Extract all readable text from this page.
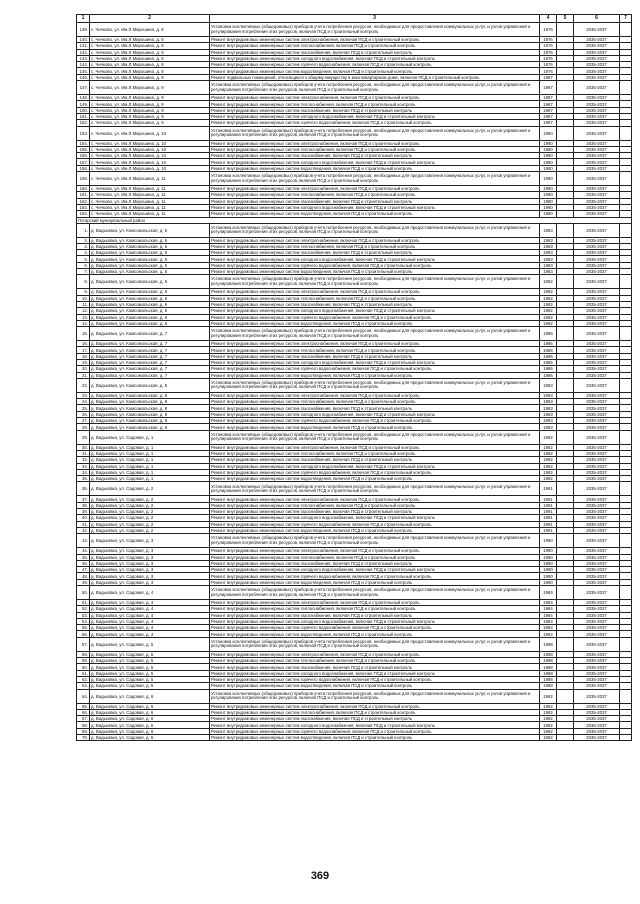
1	2	3	4	5	6	7
139.	с. Чичково, ул. Им.Л.Мирошина, д. 8	Установка коллективных (общедомовых) приборов учета потребления ресурсов, необходимых для предоставления коммунальных услуг, и узлов управления и регулирования потребления этих ресурсов, включая ПСД и строительный контроль	1976		2035-2037	
140.	с. Чичково, ул. Им.Л.Мирошина, д. 8	Ремонт внутридомовых инженерных систем электроснабжения, включая ПСД и строительный контроль	1976		2035-2037	
141.	с. Чичково, ул. Им.Л.Мирошина, д. 8	Ремонт внутридомовых инженерных систем теплоснабжения, включая ПСД и строительный контроль	1976		2035-2037	
142.	с. Чичково, ул. Им.Л.Мирошина, д. 8	Ремонт внутридомовых инженерных систем газоснабжения, включая ПСД и строительный контроль	1976		2035-2037	
143.	с. Чичково, ул. Им.Л.Мирошина, д. 8	Ремонт внутридомовых инженерных систем холодного водоснабжения, включая ПСД и строительный контроль	1976		2035-2037	
144.	с. Чичково, ул. Им.Л.Мирошина, д. 8	Ремонт внутридомовых инженерных систем горячего водоснабжения, включая ПСД и строительный контроль	1976		2035-2037	
145.	с. Чичково, ул. Им.Л.Мирошина, д. 8	Ремонт внутридомовых инженерных систем водоотведения, включая ПСД и строительный контроль	1976		2035-2037	
146.	с. Чичково, ул. Им.Л.Мирошина, д. 9	Ремонт подвальных помещений, относящихся к общему имуществу в многоквартирном доме, включая ПСД и строительный контроль	1987		2035-2037	
147.	с. Чичково, ул. Им.Л.Мирошина, д. 9	Установка коллективных (общедомовых) приборов учета потребления ресурсов, необходимых для предоставления коммунальных услуг, и узлов управления и регулирования потребления этих ресурсов, включая ПСД и строительный контроль	1987		2035-2037	
148.	с. Чичково, ул. Им.Л.Мирошина, д. 9	Ремонт внутридомовых инженерных систем электроснабжения, включая ПСД и строительный контроль	1987		2035-2037	
149.	с. Чичково, ул. Им.Л.Мирошина, д. 9	Ремонт внутридомовых инженерных систем теплоснабжения, включая ПСД и строительный контроль	1987		2035-2037	
150.	с. Чичково, ул. Им.Л.Мирошина, д. 9	Ремонт внутридомовых инженерных систем газоснабжения, включая ПСД и строительный контроль	1987		2035-2037	
151.	с. Чичково, ул. Им.Л.Мирошина, д. 9	Ремонт внутридомовых инженерных систем холодного водоснабжения, включая ПСД и строительный контроль	1987		2035-2037	
152.	с. Чичково, ул. Им.Л.Мирошина, д. 9	Ремонт внутридомовых инженерных систем горячего водоснабжения, включая ПСД и строительный контроль	1987		2035-2037	
153.	с. Чичково, ул. Им.Л.Мирошина, д. 10	Установка коллективных (общедомовых) приборов учета потребления ресурсов, необходимых для предоставления коммунальных услуг, и узлов управления и регулирования потребления этих ресурсов, включая ПСД и строительный контроль	1980		2035-2037	
154.	с. Чичково, ул. Им.Л.Мирошина, д. 10	Ремонт внутридомовых инженерных систем электроснабжения, включая ПСД и строительный контроль	1980		2035-2037	
155.	с. Чичково, ул. Им.Л.Мирошина, д. 10	Ремонт внутридомовых инженерных систем теплоснабжения, включая ПСД и строительный контроль	1980		2035-2037	
156.	с. Чичково, ул. Им.Л.Мирошина, д. 10	Ремонт внутридомовых инженерных систем газоснабжения, включая ПСД и строительный контроль	1980		2035-2037	
157.	с. Чичково, ул. Им.Л.Мирошина, д. 10	Ремонт внутридомовых инженерных систем холодного водоснабжения, включая ПСД и строительный контроль	1980		2035-2037	
158.	с. Чичково, ул. Им.Л.Мирошина, д. 10	Ремонт внутридомовых инженерных систем водоотведения, включая ПСД и строительный контроль	1980		2035-2037	
159.	с. Чичково, ул. Им.Л.Мирошина, д. 11	Установка коллективных (общедомовых) приборов учета потребления ресурсов, необходимых для предоставления коммунальных услуг, и узлов управления и регулирования потребления этих ресурсов, включая ПСД и строительный контроль	1980		2035-2037	
160.	с. Чичково, ул. Им.Л.Мирошина, д. 11	Ремонт внутридомовых инженерных систем электроснабжения, включая ПСД и строительный контроль	1980		2035-2037	
161.	с. Чичково, ул. Им.Л.Мирошина, д. 11	Ремонт внутридомовых инженерных систем теплоснабжения, включая ПСД и строительный контроль	1980		2035-2037	
162.	с. Чичково, ул. Им.Л.Мирошина, д. 11	Ремонт внутридомовых инженерных систем газоснабжения, включая ПСД и строительный контроль	1980		2035-2037	
163.	с. Чичково, ул. Им.Л.Мирошина, д. 11	Ремонт внутридомовых инженерных систем холодного водоснабжения, включая ПСД и строительный контроль	1980		2035-2037	
164.	с. Чичково, ул. Им.Л.Мирошина, д. 11	Ремонт внутридомовых инженерных систем водоотведения, включая ПСД и строительный контроль	1980		2035-2037	
Погарский муниципальный район						
1.	д. Вадьковка, ул. Комсомольская, д. 5	Установка коллективных (общедомовых) приборов учета потребления ресурсов, необходимых для предоставления коммунальных услуг, и узлов управления и регулирования потребления этих ресурсов, включая ПСД и строительный контроль	1983		2035-2037	
2.	д. Вадьковка, ул. Комсомольская, д. 5	Ремонт внутридомовых инженерных систем электроснабжения, включая ПСД и строительный контроль	1983		2035-2037	
3.	д. Вадьковка, ул. Комсомольская, д. 5	Ремонт внутридомовых инженерных систем теплоснабжения, включая ПСД и строительный контроль	1983		2035-2037	
4.	д. Вадьковка, ул. Комсомольская, д. 5	Ремонт внутридомовых инженерных систем газоснабжения, включая ПСД и строительный контроль	1983		2035-2037	
5.	д. Вадьковка, ул. Комсомольская, д. 5	Ремонт внутридомовых инженерных систем холодного водоснабжения, включая ПСД и строительный контроль	1983		2035-2037	
6.	д. Вадьковка, ул. Комсомольская, д. 5	Ремонт внутридомовых инженерных систем горячего водоснабжения, включая ПСД и строительный контроль	1983		2035-2037	
7.	д. Вадьковка, ул. Комсомольская, д. 5	Ремонт внутридомовых инженерных систем водоотведения, включая ПСД и строительный контроль	1983		2035-2037	
8.	д. Вадьковка, ул. Комсомольская, д. 6	Установка коллективных (общедомовых) приборов учета потребления ресурсов, необходимых для предоставления коммунальных услуг, и узлов управления и регулирования потребления этих ресурсов, включая ПСД и строительный контроль	1982		2035-2037	
9.	д. Вадьковка, ул. Комсомольская, д. 6	Ремонт внутридомовых инженерных систем электроснабжения, включая ПСД и строительный контроль	1982		2035-2037	
10.	д. Вадьковка, ул. Комсомольская, д. 6	Ремонт внутридомовых инженерных систем теплоснабжения, включая ПСД и строительный контроль	1982		2035-2037	
11.	д. Вадьковка, ул. Комсомольская, д. 6	Ремонт внутридомовых инженерных систем газоснабжения, включая ПСД и строительный контроль	1982		2035-2037	
12.	д. Вадьковка, ул. Комсомольская, д. 6	Ремонт внутридомовых инженерных систем холодного водоснабжения, включая ПСД и строительный контроль	1982		2035-2037	
13.	д. Вадьковка, ул. Комсомольская, д. 6	Ремонт внутридомовых инженерных систем горячего водоснабжения, включая ПСД и строительный контроль	1982		2035-2037	
14.	д. Вадьковка, ул. Комсомольская, д. 6	Ремонт внутридомовых инженерных систем водоотведения, включая ПСД и строительный контроль	1982		2035-2037	
15.	д. Вадьковка, ул. Комсомольская, д. 7	Установка коллективных (общедомовых) приборов учета потребления ресурсов, необходимых для предоставления коммунальных услуг, и узлов управления и регулирования потребления этих ресурсов, включая ПСД и строительный контроль	1986		2035-2037	
16.	д. Вадьковка, ул. Комсомольская, д. 7	Ремонт внутридомовых инженерных систем электроснабжения, включая ПСД и строительный контроль	1986		2035-2037	
17.	д. Вадьковка, ул. Комсомольская, д. 7	Ремонт внутридомовых инженерных систем теплоснабжения, включая ПСД и строительный контроль	1986		2035-2037	
18.	д. Вадьковка, ул. Комсомольская, д. 7	Ремонт внутридомовых инженерных систем газоснабжения, включая ПСД и строительный контроль	1986		2035-2037	
19.	д. Вадьковка, ул. Комсомольская, д. 7	Ремонт внутридомовых инженерных систем холодного водоснабжения, включая ПСД и строительный контроль	1986		2035-2037	
20.	д. Вадьковка, ул. Комсомольская, д. 7	Ремонт внутридомовых инженерных систем горячего водоснабжения, включая ПСД и строительный контроль	1986		2035-2037	
21.	д. Вадьковка, ул. Комсомольская, д. 7	Ремонт внутридомовых инженерных систем водоотведения, включая ПСД и строительный контроль	1986		2035-2037	
22.	д. Вадьковка, ул. Комсомольская, д. 8	Установка коллективных (общедомовых) приборов учета потребления ресурсов, необходимых для предоставления коммунальных услуг, и узлов управления и регулирования потребления этих ресурсов, включая ПСД и строительный контроль	1983		2035-2037	
23.	д. Вадьковка, ул. Комсомольская, д. 8	Ремонт внутридомовых инженерных систем электроснабжения, включая ПСД и строительный контроль	1983		2035-2037	
24.	д. Вадьковка, ул. Комсомольская, д. 8	Ремонт внутридомовых инженерных систем теплоснабжения, включая ПСД и строительный контроль	1983		2035-2037	
25.	д. Вадьковка, ул. Комсомольская, д. 8	Ремонт внутридомовых инженерных систем газоснабжения, включая ПСД и строительный контроль	1983		2035-2037	
26.	д. Вадьковка, ул. Комсомольская, д. 8	Ремонт внутридомовых инженерных систем холодного водоснабжения, включая ПСД и строительный контроль	1983		2035-2037	
27.	д. Вадьковка, ул. Комсомольская, д. 8	Ремонт внутридомовых инженерных систем горячего водоснабжения, включая ПСД и строительный контроль	1983		2035-2037	
28.	д. Вадьковка, ул. Комсомольская, д. 8	Ремонт внутридомовых инженерных систем водоотведения, включая ПСД и строительный контроль	1983		2035-2037	
29.	д. Вадьковка, ул. Садовая, д. 1	Установка коллективных (общедомовых) приборов учета потребления ресурсов, необходимых для предоставления коммунальных услуг, и узлов управления и регулирования потребления этих ресурсов, включая ПСД и строительный контроль	1982		2035-2037	
30.	д. Вадьковка, ул. Садовая, д. 1	Ремонт внутридомовых инженерных систем электроснабжения, включая ПСД и строительный контроль	1982		2035-2037	
31.	д. Вадьковка, ул. Садовая, д. 1	Ремонт внутридомовых инженерных систем теплоснабжения, включая ПСД и строительный контроль	1982		2035-2037	
32.	д. Вадьковка, ул. Садовая, д. 1	Ремонт внутридомовых инженерных систем газоснабжения, включая ПСД и строительный контроль	1982		2035-2037	
33.	д. Вадьковка, ул. Садовая, д. 1	Ремонт внутридомовых инженерных систем холодного водоснабжения, включая ПСД и строительный контроль	1982		2035-2037	
34.	д. Вадьковка, ул. Садовая, д. 1	Ремонт внутридомовых инженерных систем горячего водоснабжения, включая ПСД и строительный контроль	1982		2035-2037	
35.	д. Вадьковка, ул. Садовая, д. 1	Ремонт внутридомовых инженерных систем водоотведения, включая ПСД и строительный контроль	1982		2035-2037	
36.	д. Вадьковка, ул. Садовая, д. 2	Установка коллективных (общедомовых) приборов учета потребления ресурсов, необходимых для предоставления коммунальных услуг, и узлов управления и регулирования потребления этих ресурсов, включая ПСД и строительный контроль	1991		2035-2037	
37.	д. Вадьковка, ул. Садовая, д. 2	Ремонт внутридомовых инженерных систем электроснабжения, включая ПСД и строительный контроль	1991		2035-2037	
38.	д. Вадьковка, ул. Садовая, д. 2	Ремонт внутридомовых инженерных систем теплоснабжения, включая ПСД и строительный контроль	1991		2035-2037	
39.	д. Вадьковка, ул. Садовая, д. 2	Ремонт внутридомовых инженерных систем газоснабжения, включая ПСД и строительный контроль	1991		2035-2037	
40.	д. Вадьковка, ул. Садовая, д. 2	Ремонт внутридомовых инженерных систем холодного водоснабжения, включая ПСД и строительный контроль	1991		2035-2037	
41.	д. Вадьковка, ул. Садовая, д. 2	Ремонт внутридомовых инженерных систем горячего водоснабжения, включая ПСД и строительный контроль	1991		2035-2037	
42.	д. Вадьковка, ул. Садовая, д. 2	Ремонт внутридомовых инженерных систем водоотведения, включая ПСД и строительный контроль	1991		2035-2037	
43.	д. Вадьковка, ул. Садовая, д. 3	Установка коллективных (общедомовых) приборов учета потребления ресурсов, необходимых для предоставления коммунальных услуг, и узлов управления и регулирования потребления этих ресурсов, включая ПСД и строительный контроль	1990		2035-2037	
44.	д. Вадьковка, ул. Садовая, д. 3	Ремонт внутридомовых инженерных систем электроснабжения, включая ПСД и строительный контроль	1990		2035-2037	
45.	д. Вадьковка, ул. Садовая, д. 3	Ремонт внутридомовых инженерных систем теплоснабжения, включая ПСД и строительный контроль	1990		2035-2037	
46.	д. Вадьковка, ул. Садовая, д. 3	Ремонт внутридомовых инженерных систем газоснабжения, включая ПСД и строительный контроль	1990		2035-2037	
47.	д. Вадьковка, ул. Садовая, д. 3	Ремонт внутридомовых инженерных систем холодного водоснабжения, включая ПСД и строительный контроль	1990		2035-2037	
48.	д. Вадьковка, ул. Садовая, д. 3	Ремонт внутридомовых инженерных систем горячего водоснабжения, включая ПСД и строительный контроль	1990		2035-2037	
49.	д. Вадьковка, ул. Садовая, д. 3	Ремонт внутридомовых инженерных систем водоотведения, включая ПСД и строительный контроль	1990		2035-2037	
50.	д. Вадьковка, ул. Садовая, д. 4	Установка коллективных (общедомовых) приборов учета потребления ресурсов, необходимых для предоставления коммунальных услуг, и узлов управления и регулирования потребления этих ресурсов, включая ПСД и строительный контроль	1984		2035-2037	
51.	д. Вадьковка, ул. Садовая, д. 4	Ремонт внутридомовых инженерных систем электроснабжения, включая ПСД и строительный контроль	1984		2035-2037	
52.	д. Вадьковка, ул. Садовая, д. 4	Ремонт внутридомовых инженерных систем теплоснабжения, включая ПСД и строительный контроль	1984		2035-2037	
53.	д. Вадьковка, ул. Садовая, д. 4	Ремонт внутридомовых инженерных систем газоснабжения, включая ПСД и строительный контроль	1984		2035-2037	
54.	д. Вадьковка, ул. Садовая, д. 4	Ремонт внутридомовых инженерных систем холодного водоснабжения, включая ПСД и строительный контроль	1984		2035-2037	
55.	д. Вадьковка, ул. Садовая, д. 4	Ремонт внутридомовых инженерных систем горячего водоснабжения, включая ПСД и строительный контроль	1984		2035-2037	
56.	д. Вадьковка, ул. Садовая, д. 4	Ремонт внутридомовых инженерных систем водоотведения, включая ПСД и строительный контроль	1984		2035-2037	
57.	д. Вадьковка, ул. Садовая, д. 5	Установка коллективных (общедомовых) приборов учета потребления ресурсов, необходимых для предоставления коммунальных услуг, и узлов управления и регулирования потребления этих ресурсов, включая ПСД и строительный контроль	1988		2035-2037	
58.	д. Вадьковка, ул. Садовая, д. 5	Ремонт внутридомовых инженерных систем электроснабжения, включая ПСД и строительный контроль	1988		2035-2037	
59.	д. Вадьковка, ул. Садовая, д. 5	Ремонт внутридомовых инженерных систем теплоснабжения, включая ПСД и строительный контроль	1988		2035-2037	
60.	д. Вадьковка, ул. Садовая, д. 5	Ремонт внутридомовых инженерных систем газоснабжения, включая ПСД и строительный контроль	1988		2035-2037	
61.	д. Вадьковка, ул. Садовая, д. 5	Ремонт внутридомовых инженерных систем холодного водоснабжения, включая ПСД и строительный контроль	1988		2035-2037	
62.	д. Вадьковка, ул. Садовая, д. 5	Ремонт внутридомовых инженерных систем горячего водоснабжения, включая ПСД и строительный контроль	1988		2035-2037	
63.	д. Вадьковка, ул. Садовая, д. 5	Ремонт внутридомовых инженерных систем водоотведения, включая ПСД и строительный контроль	1988		2035-2037	
64.	д. Вадьковка, ул. Садовая, д. 6	Установка коллективных (общедомовых) приборов учета потребления ресурсов, необходимых для предоставления коммунальных услуг, и узлов управления и регулирования потребления этих ресурсов, включая ПСД и строительный контроль	1982		2035-2037	
65.	д. Вадьковка, ул. Садовая, д. 6	Ремонт внутридомовых инженерных систем электроснабжения, включая ПСД и строительный контроль	1982		2035-2037	
66.	д. Вадьковка, ул. Садовая, д. 6	Ремонт внутридомовых инженерных систем теплоснабжения, включая ПСД и строительный контроль	1982		2035-2037	
67.	д. Вадьковка, ул. Садовая, д. 6	Ремонт внутридомовых инженерных систем газоснабжения, включая ПСД и строительный контроль	1982		2035-2037	
68.	д. Вадьковка, ул. Садовая, д. 6	Ремонт внутридомовых инженерных систем холодного водоснабжения, включая ПСД и строительный контроль	1982		2035-2037	
69.	д. Вадьковка, ул. Садовая, д. 6	Ремонт внутридомовых инженерных систем горячего водоснабжения, включая ПСД и строительный контроль	1982		2035-2037	
70.	д. Вадьковка, ул. Садовая, д. 6	Ремонт внутридомовых инженерных систем водоотведения, включая ПСД и строительный контроль	1982		2035-2037	
369
